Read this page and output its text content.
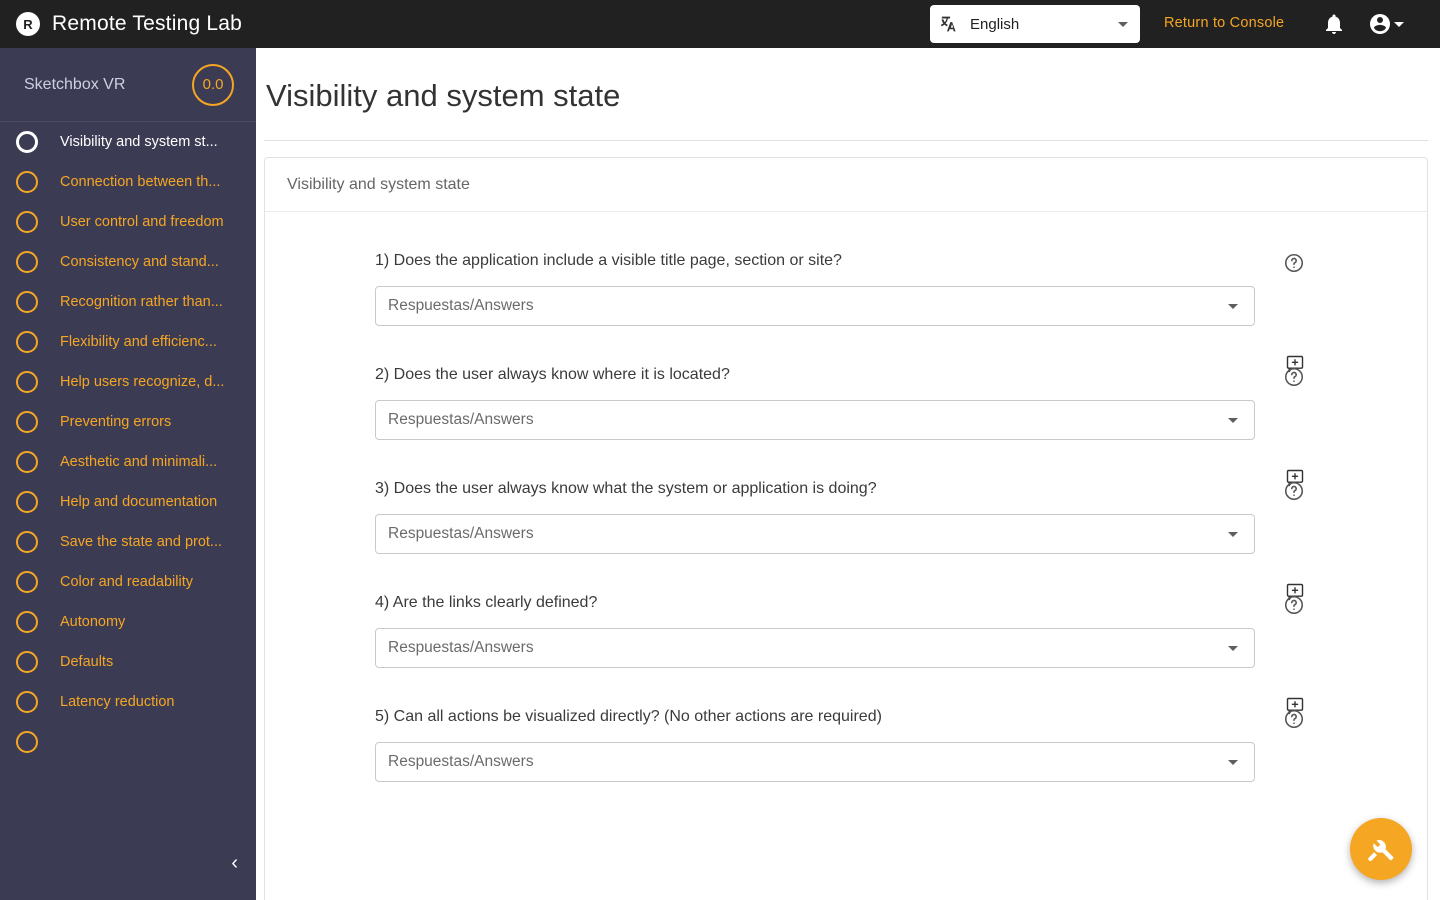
R Remote Testing Lab	English	Return to Console
Sketchbox VR	0.0
Visibility and system st...
Connection between th...
User control and freedom
Consistency and stand...
Recognition rather than...
Flexibility and efficienc...
Help users recognize, d...
Preventing errors
Aesthetic and minimali...
Help and documentation
Save the state and prot...
Color and readability
Autonomy
Defaults
Latency reduction
‹
Visibility and system state
Visibility and system state
1) Does the application include a visible title page, section or site?
Respuestas/Answers
2) Does the user always know where it is located?
Respuestas/Answers
3) Does the user always know what the system or application is doing?
Respuestas/Answers
4) Are the links clearly defined?
Respuestas/Answers
5) Can all actions be visualized directly? (No other actions are required)
Respuestas/Answers
